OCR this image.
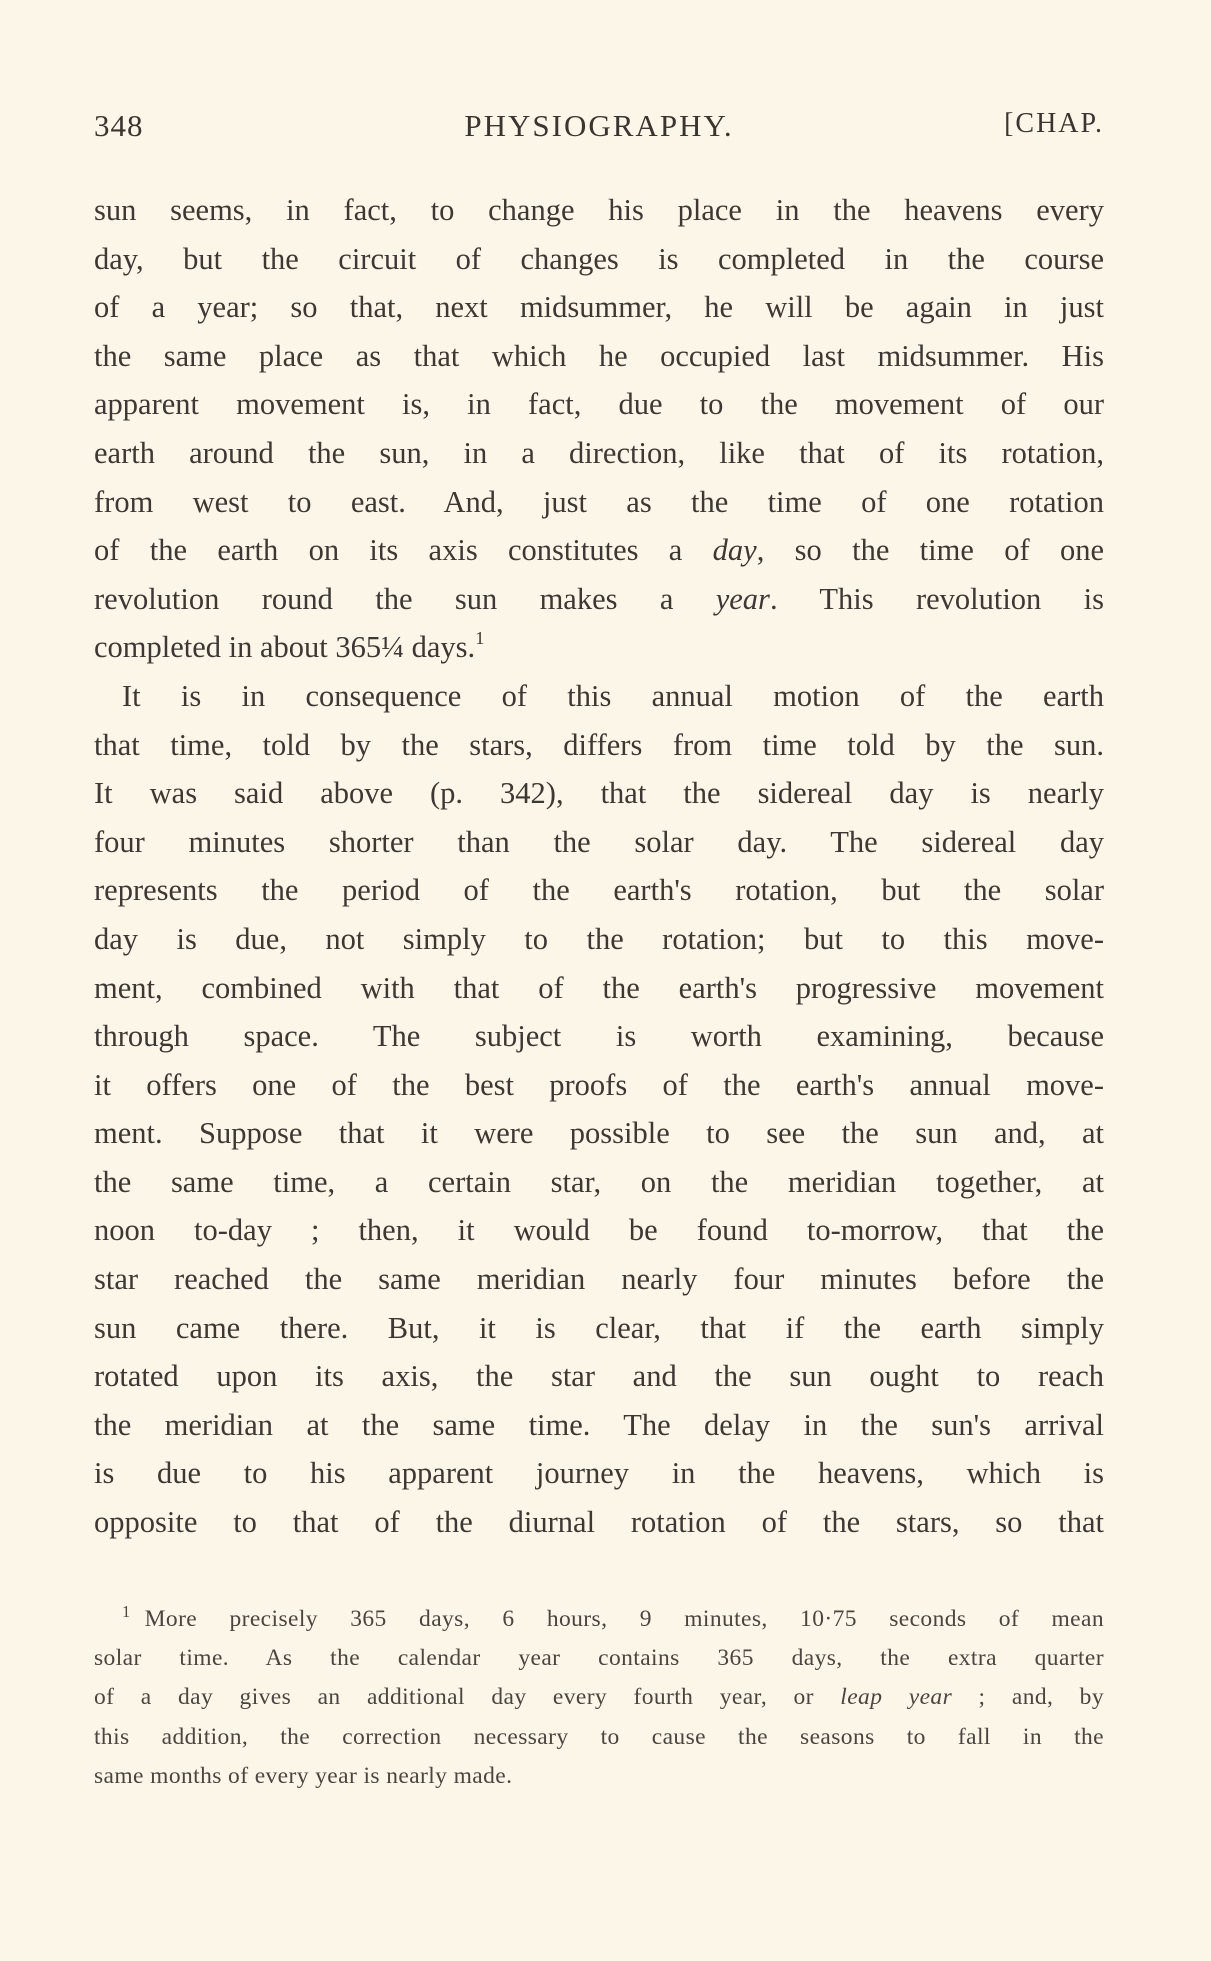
348	PHYSIOGRAPHY.	[CHAP.
sun seems, in fact, to change his place in the heavens every
day, but the circuit of changes is completed in the course
of a year; so that, next midsummer, he will be again in just
the same place as that which he occupied last midsummer. His
apparent movement is, in fact, due to the movement of our
earth around the sun, in a direction, like that of its rotation,
from west to east. And, just as the time of one rotation
of the earth on its axis constitutes a day, so the time of one
revolution round the sun makes a year. This revolution is
completed in about 365¼ days.$^1$
It is in consequence of this annual motion of the earth
that time, told by the stars, differs from time told by the sun.
It was said above (p. 342), that the sidereal day is nearly
four minutes shorter than the solar day. The sidereal day
represents the period of the earth's rotation, but the solar
day is due, not simply to the rotation; but to this move-
ment, combined with that of the earth's progressive movement
through space. The subject is worth examining, because
it offers one of the best proofs of the earth's annual move-
ment. Suppose that it were possible to see the sun and, at
the same time, a certain star, on the meridian together, at
noon to-day ; then, it would be found to-morrow, that the
star reached the same meridian nearly four minutes before the
sun came there. But, it is clear, that if the earth simply
rotated upon its axis, the star and the sun ought to reach
the meridian at the same time. The delay in the sun's arrival
is due to his apparent journey in the heavens, which is
opposite to that of the diurnal rotation of the stars, so that
$^1$ More precisely 365 days, 6 hours, 9 minutes, 10·75 seconds of mean
solar time. As the calendar year contains 365 days, the extra quarter
of a day gives an additional day every fourth year, or leap year ; and, by
this addition, the correction necessary to cause the seasons to fall in the
same months of every year is nearly made.
